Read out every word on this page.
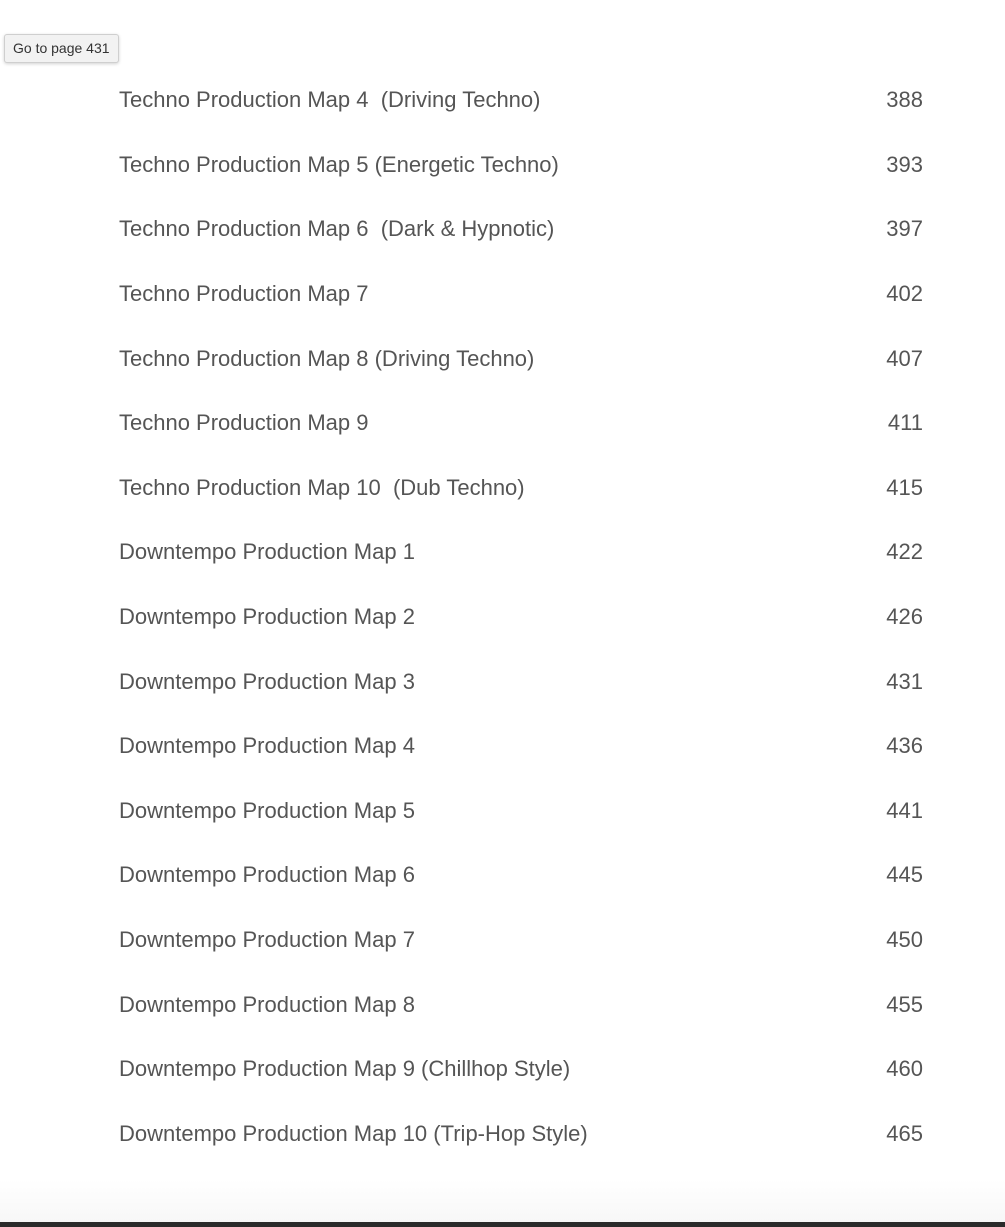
Go to page 431
Techno Production Map 4  (Driving Techno)	388
Techno Production Map 5 (Energetic Techno)	393
Techno Production Map 6  (Dark & Hypnotic)	397
Techno Production Map 7	402
Techno Production Map 8 (Driving Techno)	407
Techno Production Map 9	411
Techno Production Map 10  (Dub Techno)	415
Downtempo Production Map 1	422
Downtempo Production Map 2	426
Downtempo Production Map 3	431
Downtempo Production Map 4	436
Downtempo Production Map 5	441
Downtempo Production Map 6	445
Downtempo Production Map 7	450
Downtempo Production Map 8	455
Downtempo Production Map 9 (Chillhop Style)	460
Downtempo Production Map 10 (Trip-Hop Style)	465
